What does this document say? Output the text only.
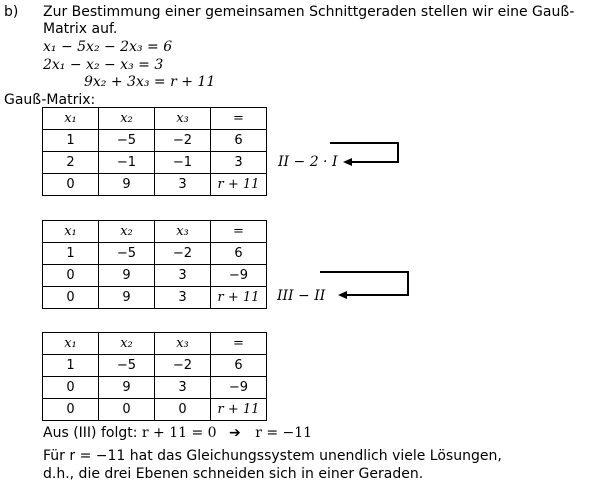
b) Zur Bestimmung einer gemeinsamen Schnittgeraden stellen wir eine Gauß-
Matrix auf.
x₁ − 5x₂ − 2x₃ = 6
2x₁ − x₂ − x₃ = 3
9x₂ + 3x₃ = r + 11
Gauß-Matrix:
x₁	x₂	x₃	=
1	−5	−2	6
2	−1	−1	3
0	9	3	r + 11
x₁	x₂	x₃	=
1	−5	−2	6
0	9	3	−9
0	9	3	r + 11
x₁	x₂	x₃	=
1	−5	−2	6
0	9	3	−9
0	0	0	r + 11
II − 2 · I
III − II
Aus (III) folgt: r + 11 = 0 ➔ r = −11
Für r = −11 hat das Gleichungssystem unendlich viele Lösungen,
d.h., die drei Ebenen schneiden sich in einer Geraden.
